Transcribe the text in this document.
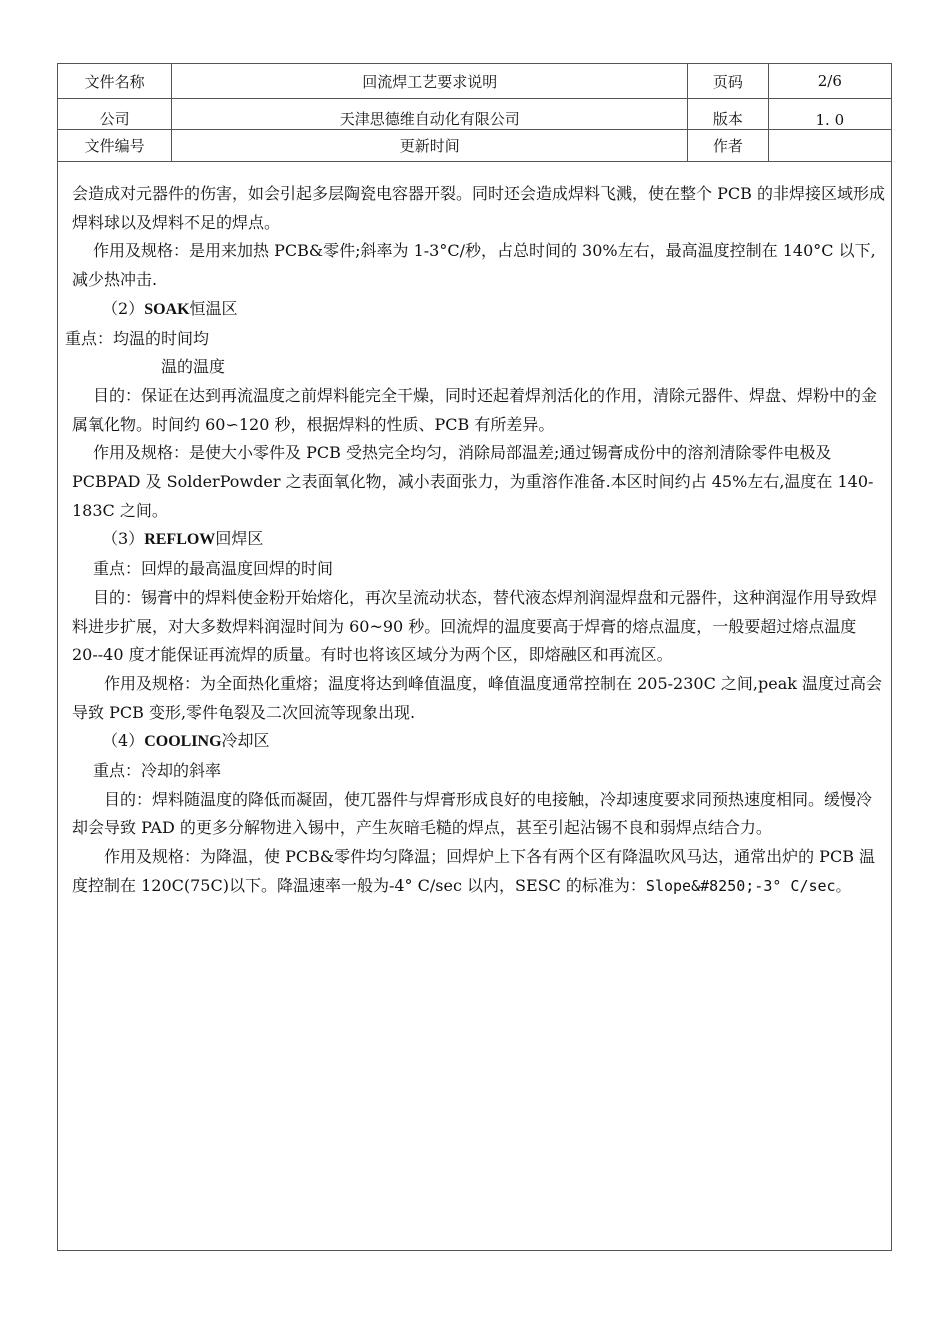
文件名称	回流焊工艺要求说明	页码	2/6
公司	天津思德维自动化有限公司	版本	1. 0
文件编号	更新时间	作者	

会造成对元器件的伤害，如会引起多层陶瓷电容器开裂。同时还会造成焊料飞溅，使在整个 PCB 的非焊接区域形成焊料球以及焊料不足的焊点。

作用及规格：是用来加热 PCB&零件;斜率为 1-3°C/秒，占总时间的 30%左右，最高温度控制在 140°C 以下,减少热冲击.

（2）SOAK恒温区

重点：均温的时间均

温的温度

目的：保证在达到再流温度之前焊料能完全干燥，同时还起着焊剂活化的作用，清除元器件、焊盘、焊粉中的金属氧化物。时间约 60∽120 秒，根据焊料的性质、PCB 有所差异。

作用及规格：是使大小零件及 PCB 受热完全均匀，消除局部温差;通过锡膏成份中的溶剂清除零件电极及 PCBPAD 及 SolderPowder 之表面氧化物，减小表面张力，为重溶作准备.本区时间约占 45%左右,温度在 140-183C 之间。

（3）REFLOW回焊区

重点：回焊的最高温度回焊的时间

目的：锡膏中的焊料使金粉开始熔化，再次呈流动状态，替代液态焊剂润湿焊盘和元器件，这种润湿作用导致焊料进步扩展，对大多数焊料润湿时间为 60~90 秒。回流焊的温度要高于焊膏的熔点温度，一般要超过熔点温度 20--40 度才能保证再流焊的质量。有时也将该区域分为两个区，即熔融区和再流区。

作用及规格：为全面热化重熔；温度将达到峰值温度，峰值温度通常控制在 205-230C 之间,peak 温度过高会导致 PCB 变形,零件龟裂及二次回流等现象出现.

（4）COOLING冷却区

重点：冷却的斜率

目的：焊料随温度的降低而凝固，使兀器件与焊膏形成良好的电接触，冷却速度要求同预热速度相同。缓慢冷却会导致 PAD 的更多分解物进入锡中，产生灰暗毛糙的焊点，甚至引起沾锡不良和弱焊点结合力。

作用及规格：为降温，使 PCB&零件均匀降温；回焊炉上下各有两个区有降温吹风马达，通常出炉的 PCB 温度控制在 120C(75C)以下。降温速率一般为-4° C/sec 以内，SESC 的标准为：Slope&#8250;-3° C/sec。
